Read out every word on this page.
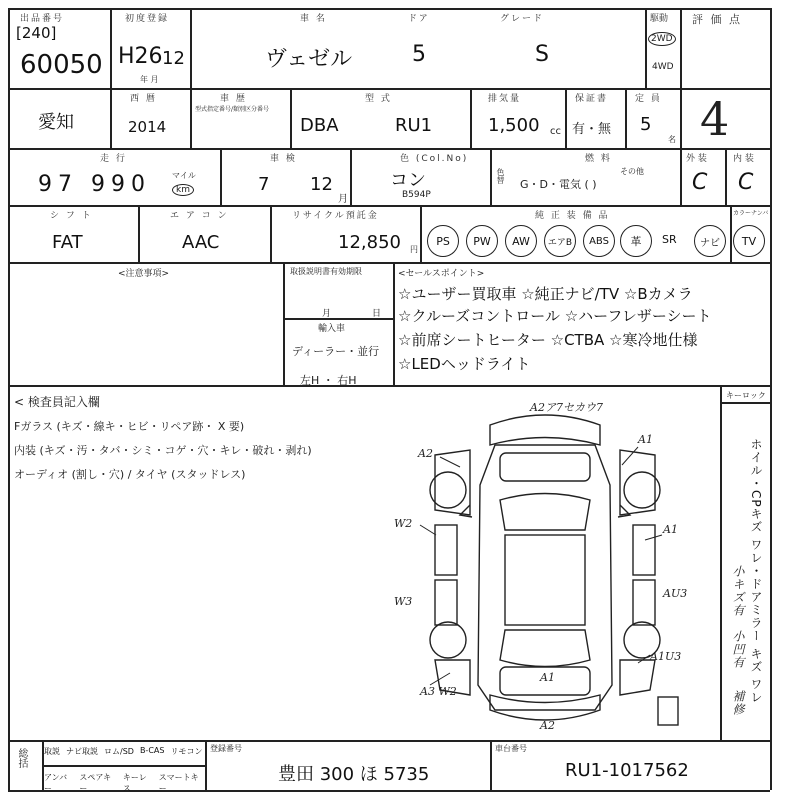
出品番号
[240]
60050
初度登録
H26 12
年 月
車 名
ヴェゼル
ドア
5
グレード
S
駆動
2WD
4WD
評 価 点
4
愛知
西 暦
2014
車 歴
型式指定番号/類別区分番号
型 式
DBA	RU1
排気量
1,500 cc
保証書
有・無
定 員
5
名
走 行
97 990	マイル
km
車 検
7 12
月
色 (Col.No)
コン
B594P
色替
燃 料
G・D・電気 ( )
その他
外 装
C
内 装
C
シ フ ト
FAT
エ ア コ ン
AAC
リサイクル預託金
12,850 円
純 正 装 備 品	カラーナンバ
PS PW AW エアB ABS 革 SR ナビ TV
<注意事項>	取扱説明書有効期限
月	日
輸入車
ディーラー・並行
左H ・ 右H
<セールスポイント>
☆ユーザー買取車 ☆純正ナビ/TV ☆Bカメラ
☆クルーズコントロール ☆ハーフレザーシート
☆前席シートヒーター ☆CTBA ☆寒冷地仕様
☆LEDヘッドライト
< 検査員記入欄
Fガラス (キズ・線キ・ヒビ・リペア跡・ X 要)
内装 (キズ・汚・タバ・シミ・コゲ・穴・キレ・破れ・剥れ)
オーディオ (割し・穴) / タイヤ (スタッドレス)
キーロック
ホイル・CPキズ ワレ・ドアミラー キズ ワレ
小キズ有
小凹有
補修
A2ア7セカウ7
A1
A2
W2	A1
W3
AU3
A1U3
A1
A3 W2
A2
総括 取説 ナビ取説 ロム/SD B-CAS リモコン
アンバー
スペアキー
キーレス
スマートキー
登録番号
豊田 300 ほ 5735
車台番号
RU1-1017562
